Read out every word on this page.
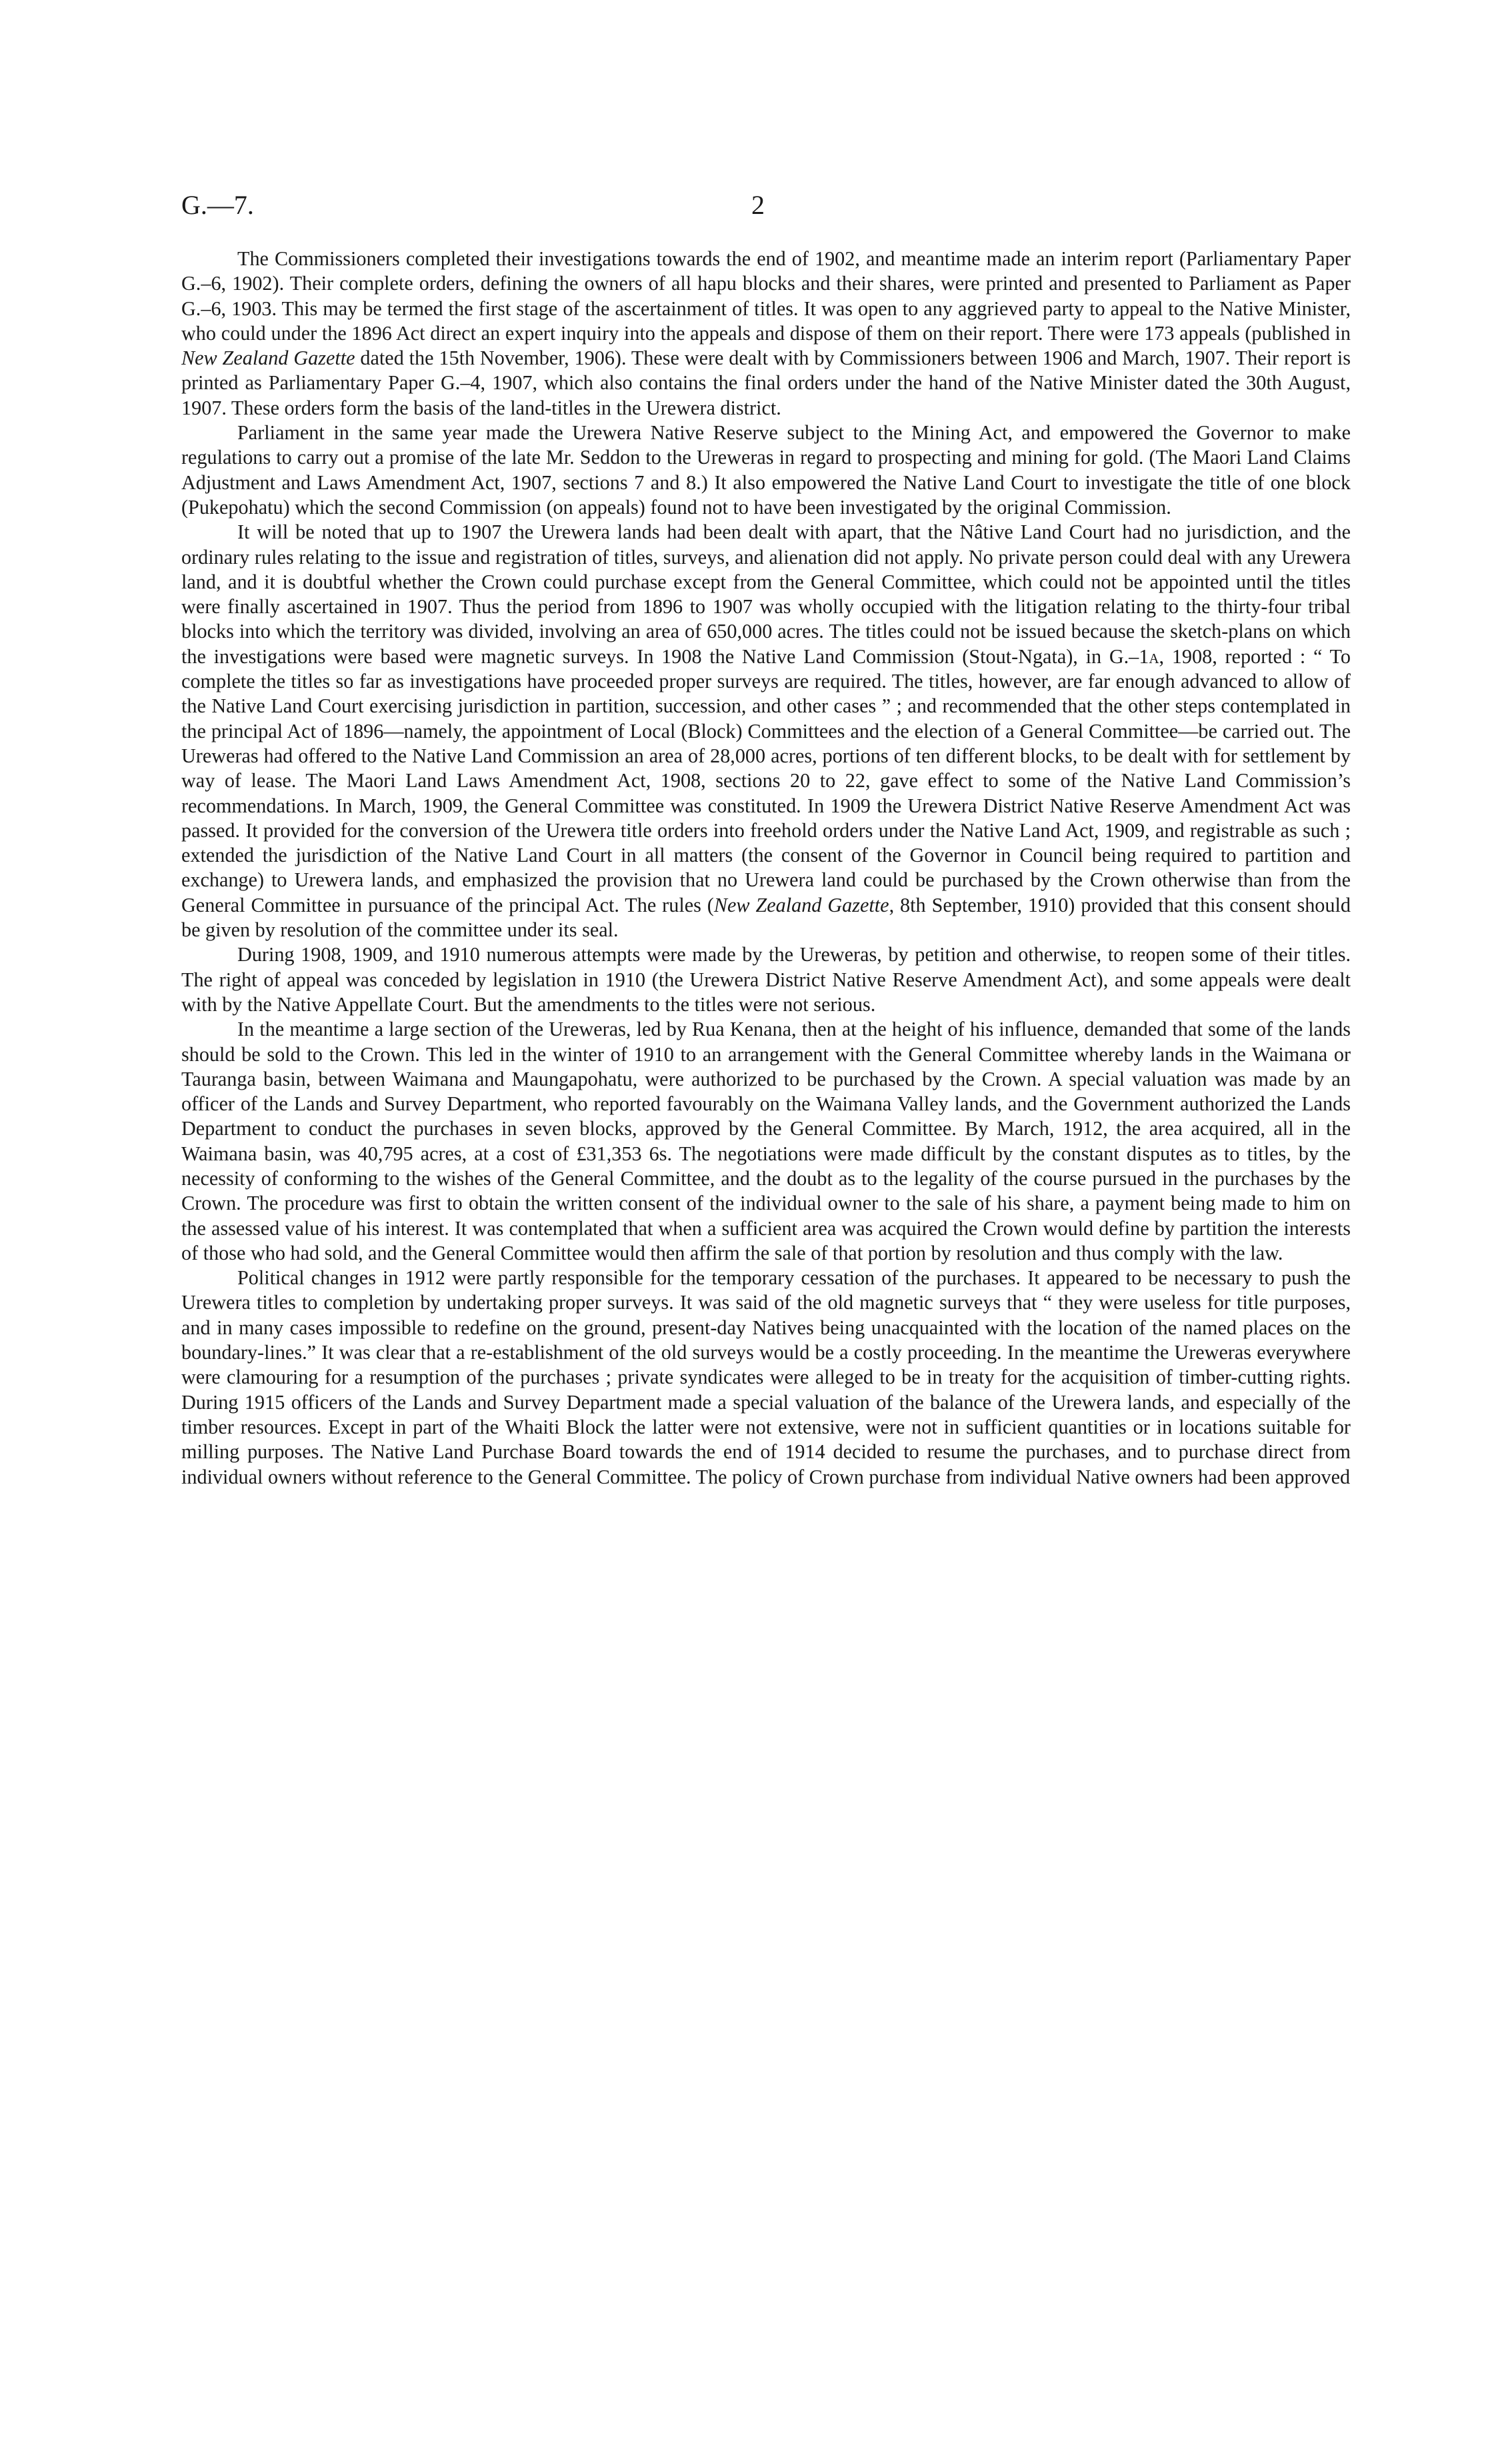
G.—7.	2

The Commissioners completed their investigations towards the end of 1902, and meantime made an interim report (Parliamentary Paper G.–6, 1902). Their complete orders, defining the owners of all hapu blocks and their shares, were printed and presented to Parliament as Paper G.–6, 1903. This may be termed the first stage of the ascertainment of titles. It was open to any aggrieved party to appeal to the Native Minister, who could under the 1896 Act direct an expert inquiry into the appeals and dispose of them on their report. There were 173 appeals (published in New Zealand Gazette dated the 15th November, 1906). These were dealt with by Commissioners between 1906 and March, 1907. Their report is printed as Parliamentary Paper G.–4, 1907, which also contains the final orders under the hand of the Native Minister dated the 30th August, 1907. These orders form the basis of the land-titles in the Urewera district.

Parliament in the same year made the Urewera Native Reserve subject to the Mining Act, and empowered the Governor to make regulations to carry out a promise of the late Mr. Seddon to the Ureweras in regard to prospecting and mining for gold. (The Maori Land Claims Adjustment and Laws Amendment Act, 1907, sections 7 and 8.) It also empowered the Native Land Court to investigate the title of one block (Pukepohatu) which the second Commission (on appeals) found not to have been investigated by the original Commission.

It will be noted that up to 1907 the Urewera lands had been dealt with apart, that the Nâtive Land Court had no jurisdiction, and the ordinary rules relating to the issue and registration of titles, surveys, and alienation did not apply. No private person could deal with any Urewera land, and it is doubtful whether the Crown could purchase except from the General Committee, which could not be appointed until the titles were finally ascertained in 1907. Thus the period from 1896 to 1907 was wholly occupied with the litigation relating to the thirty-four tribal blocks into which the territory was divided, involving an area of 650,000 acres. The titles could not be issued because the sketch-plans on which the investigations were based were magnetic surveys. In 1908 the Native Land Commission (Stout-Ngata), in G.–1a, 1908, reported : “ To complete the titles so far as investigations have proceeded proper surveys are required. The titles, however, are far enough advanced to allow of the Native Land Court exercising jurisdiction in partition, succession, and other cases ” ; and recommended that the other steps contemplated in the principal Act of 1896—namely, the appointment of Local (Block) Committees and the election of a General Committee—be carried out. The Ureweras had offered to the Native Land Commission an area of 28,000 acres, portions of ten different blocks, to be dealt with for settlement by way of lease. The Maori Land Laws Amendment Act, 1908, sections 20 to 22, gave effect to some of the Native Land Commission’s recommendations. In March, 1909, the General Committee was constituted. In 1909 the Urewera District Native Reserve Amendment Act was passed. It provided for the conversion of the Urewera title orders into freehold orders under the Native Land Act, 1909, and registrable as such ; extended the jurisdiction of the Native Land Court in all matters (the consent of the Governor in Council being required to partition and exchange) to Urewera lands, and emphasized the provision that no Urewera land could be purchased by the Crown otherwise than from the General Committee in pursuance of the principal Act. The rules (New Zealand Gazette, 8th September, 1910) provided that this consent should be given by resolution of the committee under its seal.

During 1908, 1909, and 1910 numerous attempts were made by the Ureweras, by petition and otherwise, to reopen some of their titles. The right of appeal was conceded by legislation in 1910 (the Urewera District Native Reserve Amendment Act), and some appeals were dealt with by the Native Appellate Court. But the amendments to the titles were not serious.

In the meantime a large section of the Ureweras, led by Rua Kenana, then at the height of his influence, demanded that some of the lands should be sold to the Crown. This led in the winter of 1910 to an arrangement with the General Committee whereby lands in the Waimana or Tauranga basin, between Waimana and Maungapohatu, were authorized to be purchased by the Crown. A special valuation was made by an officer of the Lands and Survey Department, who reported favourably on the Waimana Valley lands, and the Government authorized the Lands Department to conduct the purchases in seven blocks, approved by the General Committee. By March, 1912, the area acquired, all in the Waimana basin, was 40,795 acres, at a cost of £31,353 6s. The negotiations were made difficult by the constant disputes as to titles, by the necessity of conforming to the wishes of the General Committee, and the doubt as to the legality of the course pursued in the purchases by the Crown. The procedure was first to obtain the written consent of the individual owner to the sale of his share, a payment being made to him on the assessed value of his interest. It was contemplated that when a sufficient area was acquired the Crown would define by partition the interests of those who had sold, and the General Committee would then affirm the sale of that portion by resolution and thus comply with the law.

Political changes in 1912 were partly responsible for the temporary cessation of the purchases. It appeared to be necessary to push the Urewera titles to completion by undertaking proper surveys. It was said of the old magnetic surveys that “ they were useless for title purposes, and in many cases impossible to redefine on the ground, present-day Natives being unacquainted with the location of the named places on the boundary-lines.” It was clear that a re-establishment of the old surveys would be a costly proceeding. In the meantime the Ureweras everywhere were clamouring for a resumption of the purchases ; private syndicates were alleged to be in treaty for the acquisition of timber-cutting rights. During 1915 officers of the Lands and Survey Department made a special valuation of the balance of the Urewera lands, and especially of the timber resources. Except in part of the Whaiti Block the latter were not extensive, were not in sufficient quantities or in locations suitable for milling purposes. The Native Land Purchase Board towards the end of 1914 decided to resume the purchases, and to purchase direct from individual owners without reference to the General Committee. The policy of Crown purchase from individual Native owners had been approved
